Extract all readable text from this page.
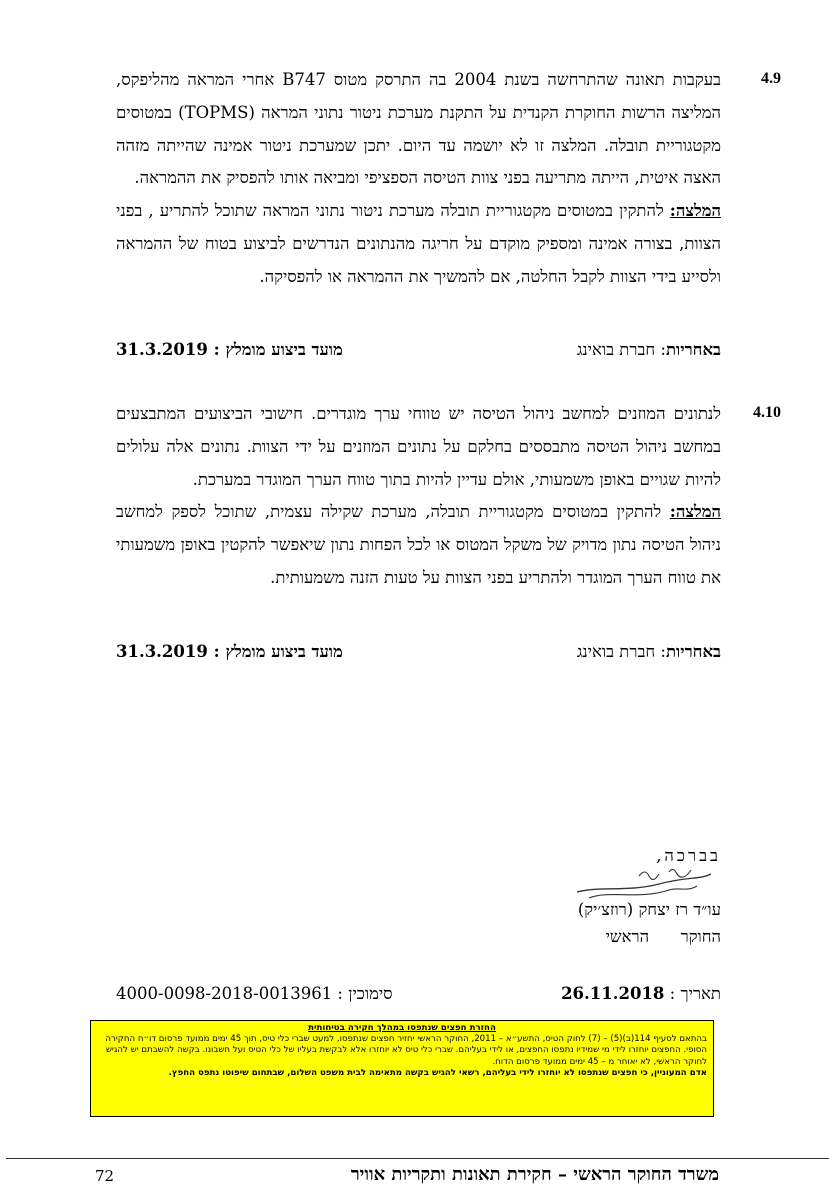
4.9
בעקבות תאונה שהתרחשה בשנת 2004 בה התרסק מטוס B747 אחרי המראה מהליפקס, המליצה הרשות החוקרת הקנדית על התקנת מערכת ניטור נתוני המראה (TOPMS) במטוסים מקטגוריית תובלה. המלצה זו לא יושמה עד היום. יתכן שמערכת ניטור אמינה שהייתה מזהה האצה איטית, הייתה מתריעה בפני צוות הטיסה הספציפי ומביאה אותו להפסיק את ההמראה.
המלצה: להתקין במטוסים מקטגוריית תובלה מערכת ניטור נתוני המראה שתוכל להתריע , בפני הצוות, בצורה אמינה ומספיק מוקדם על חריגה מהנתונים הנדרשים לביצוע בטוח של ההמראה ולסייע בידי הצוות לקבל החלטה, אם להמשיך את ההמראה או להפסיקה.
באחריות: חברת בואינג
מועד ביצוע מומלץ : 31.3.2019
4.10
לנתונים המוזנים למחשב ניהול הטיסה יש טווחי ערך מוגדרים. חישובי הביצועים המתבצעים במחשב ניהול הטיסה מתבססים בחלקם על נתונים המוזנים על ידי הצוות. נתונים אלה עלולים להיות שגויים באופן משמעותי, אולם עדיין להיות בתוך טווח הערך המוגדר במערכת.
המלצה: להתקין במטוסים מקטגוריית תובלה, מערכת שקילה עצמית, שתוכל לספק למחשב ניהול הטיסה נתון מדויק של משקל המטוס או לכל הפחות נתון שיאפשר להקטין באופן משמעותי את טווח הערך המוגדר ולהתריע בפני הצוות על טעות הזנה משמעותית.
באחריות: חברת בואינג
מועד ביצוע מומלץ : 31.3.2019
בברכה,
עו״ד רז יצחק (רוזצ׳יק)
החוקר      הראשי
תאריך : 26.11.2018
סימוכין : 4000-0098-2018-0013961
החזרת חפצים שנתפסו במהלך חקירה בטיחותית
בהתאם לסעיף 114(ב)(5) – (7) לחוק הטיס, התשע״א – 2011, החוקר הראשי יחזיר חפצים שנתפסו, למעט שברי כלי טיס, תוך 45 ימים ממועד פרסום דו״ח החקירה הסופי. החפצים יוחזרו לידי מי שמידיו נתפסו החפצים, או לידי בעליהם. שברי כלי טיס לא יוחזרו אלא לבקשת בעליו של כלי הטיס ועל חשבונו. בקשה להשבתם יש להגיש לחוקר הראשי, לא יאוחר מ – 45 ימים ממועד פרסום הדוח.
אדם המעוניין, כי חפצים שנתפסו לא יוחזרו לידי בעליהם, רשאי להגיש בקשה מתאימה לבית משפט השלום, שבתחום שיפוטו נתפס החפץ.
משרד החוקר הראשי – חקירת תאונות ותקריות אוויר
72
